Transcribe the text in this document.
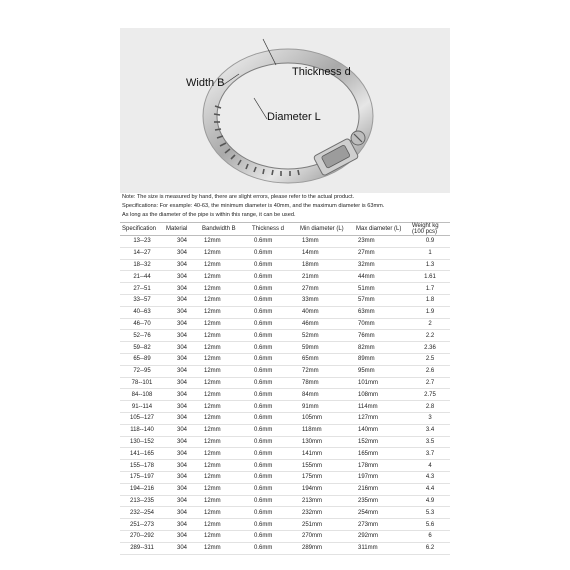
Width B
Thickness d
Diameter L
Note: The size is measured by hand, there are slight errors, please refer to the actual product.
Specifications: For example: 40-63, the minimum diameter is 40mm, and the maximum diameter is 63mm.
As long as the diameter of the pipe is within this range, it can be used.
Specification	Material	Bandwidth B	Thickness d	Min diameter (L)	Max diameter (L)	Weight kg (100 pcs)
13--23	304	12mm	0.6mm	13mm	23mm	0.9
14--27	304	12mm	0.6mm	14mm	27mm	1
18--32	304	12mm	0.6mm	18mm	32mm	1.3
21--44	304	12mm	0.6mm	21mm	44mm	1.61
27--51	304	12mm	0.6mm	27mm	51mm	1.7
33--57	304	12mm	0.6mm	33mm	57mm	1.8
40--63	304	12mm	0.6mm	40mm	63mm	1.9
46--70	304	12mm	0.6mm	46mm	70mm	2
52--76	304	12mm	0.6mm	52mm	76mm	2.2
59--82	304	12mm	0.6mm	59mm	82mm	2.36
65--89	304	12mm	0.6mm	65mm	89mm	2.5
72--95	304	12mm	0.6mm	72mm	95mm	2.6
78--101	304	12mm	0.6mm	78mm	101mm	2.7
84--108	304	12mm	0.6mm	84mm	108mm	2.75
91--114	304	12mm	0.6mm	91mm	114mm	2.8
105--127	304	12mm	0.6mm	105mm	127mm	3
118--140	304	12mm	0.6mm	118mm	140mm	3.4
130--152	304	12mm	0.6mm	130mm	152mm	3.5
141--165	304	12mm	0.6mm	141mm	165mm	3.7
155--178	304	12mm	0.6mm	155mm	178mm	4
175--197	304	12mm	0.6mm	175mm	197mm	4.3
194--216	304	12mm	0.6mm	194mm	216mm	4.4
213--235	304	12mm	0.6mm	213mm	235mm	4.9
232--254	304	12mm	0.6mm	232mm	254mm	5.3
251--273	304	12mm	0.6mm	251mm	273mm	5.6
270--292	304	12mm	0.6mm	270mm	292mm	6
289--311	304	12mm	0.6mm	289mm	311mm	6.2
